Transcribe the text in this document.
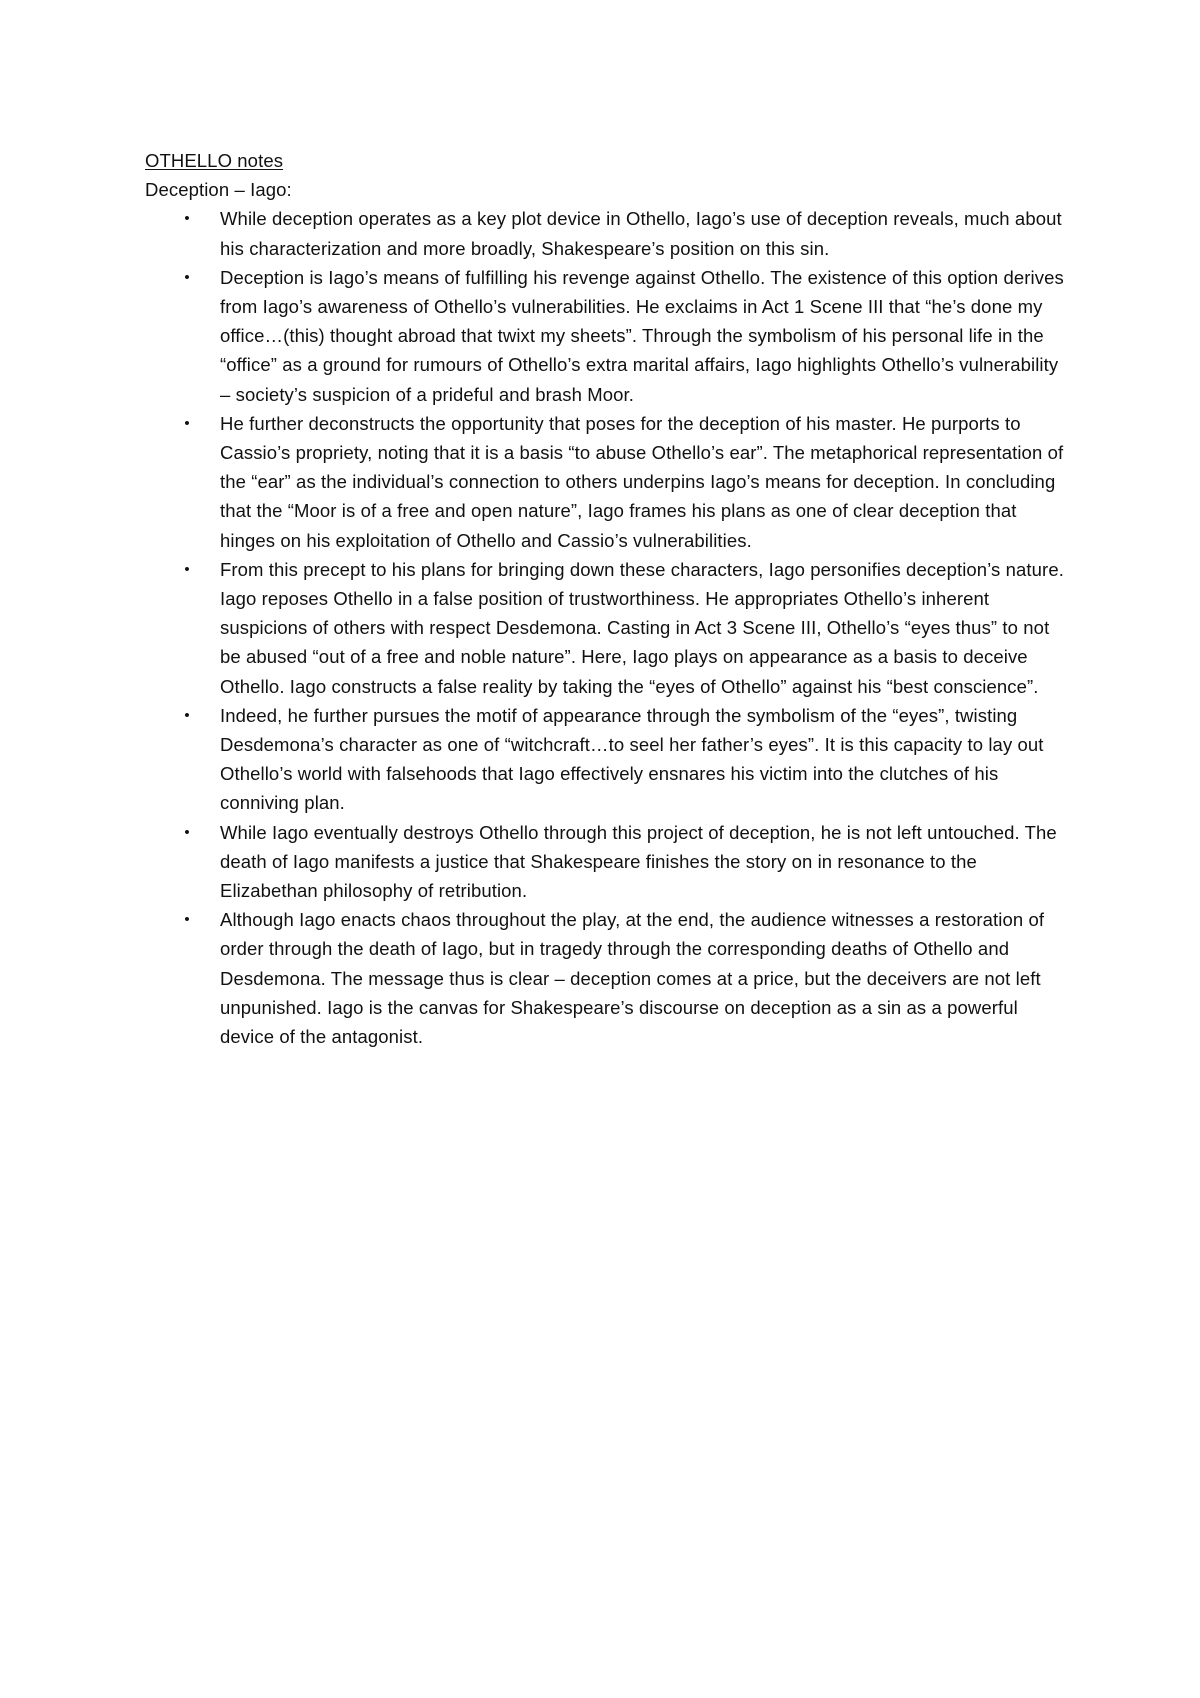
OTHELLO notes

Deception – Iago:

• While deception operates as a key plot device in Othello, Iago’s use of deception reveals, much about his characterization and more broadly, Shakespeare’s position on this sin.
• Deception is Iago’s means of fulfilling his revenge against Othello. The existence of this option derives from Iago’s awareness of Othello’s vulnerabilities. He exclaims in Act 1 Scene III that “he’s done my office…(this) thought abroad that twixt my sheets”. Through the symbolism of his personal life in the “office” as a ground for rumours of Othello’s extra marital affairs, Iago highlights Othello’s vulnerability – society’s suspicion of a prideful and brash Moor.
• He further deconstructs the opportunity that poses for the deception of his master. He purports to Cassio’s propriety, noting that it is a basis “to abuse Othello’s ear”. The metaphorical representation of the “ear” as the individual’s connection to others underpins Iago’s means for deception. In concluding that the “Moor is of a free and open nature”, Iago frames his plans as one of clear deception that hinges on his exploitation of Othello and Cassio’s vulnerabilities.
• From this precept to his plans for bringing down these characters, Iago personifies deception’s nature. Iago reposes Othello in a false position of trustworthiness. He appropriates Othello’s inherent suspicions of others with respect Desdemona. Casting in Act 3 Scene III, Othello’s “eyes thus” to not be abused “out of a free and noble nature”. Here, Iago plays on appearance as a basis to deceive Othello. Iago constructs a false reality by taking the “eyes of Othello” against his “best conscience”.
• Indeed, he further pursues the motif of appearance through the symbolism of the “eyes”, twisting Desdemona’s character as one of “witchcraft…to seel her father’s eyes”. It is this capacity to lay out Othello’s world with falsehoods that Iago effectively ensnares his victim into the clutches of his conniving plan.
• While Iago eventually destroys Othello through this project of deception, he is not left untouched. The death of Iago manifests a justice that Shakespeare finishes the story on in resonance to the Elizabethan philosophy of retribution.
• Although Iago enacts chaos throughout the play, at the end, the audience witnesses a restoration of order through the death of Iago, but in tragedy through the corresponding deaths of Othello and Desdemona. The message thus is clear – deception comes at a price, but the deceivers are not left unpunished. Iago is the canvas for Shakespeare’s discourse on deception as a sin as a powerful device of the antagonist.
